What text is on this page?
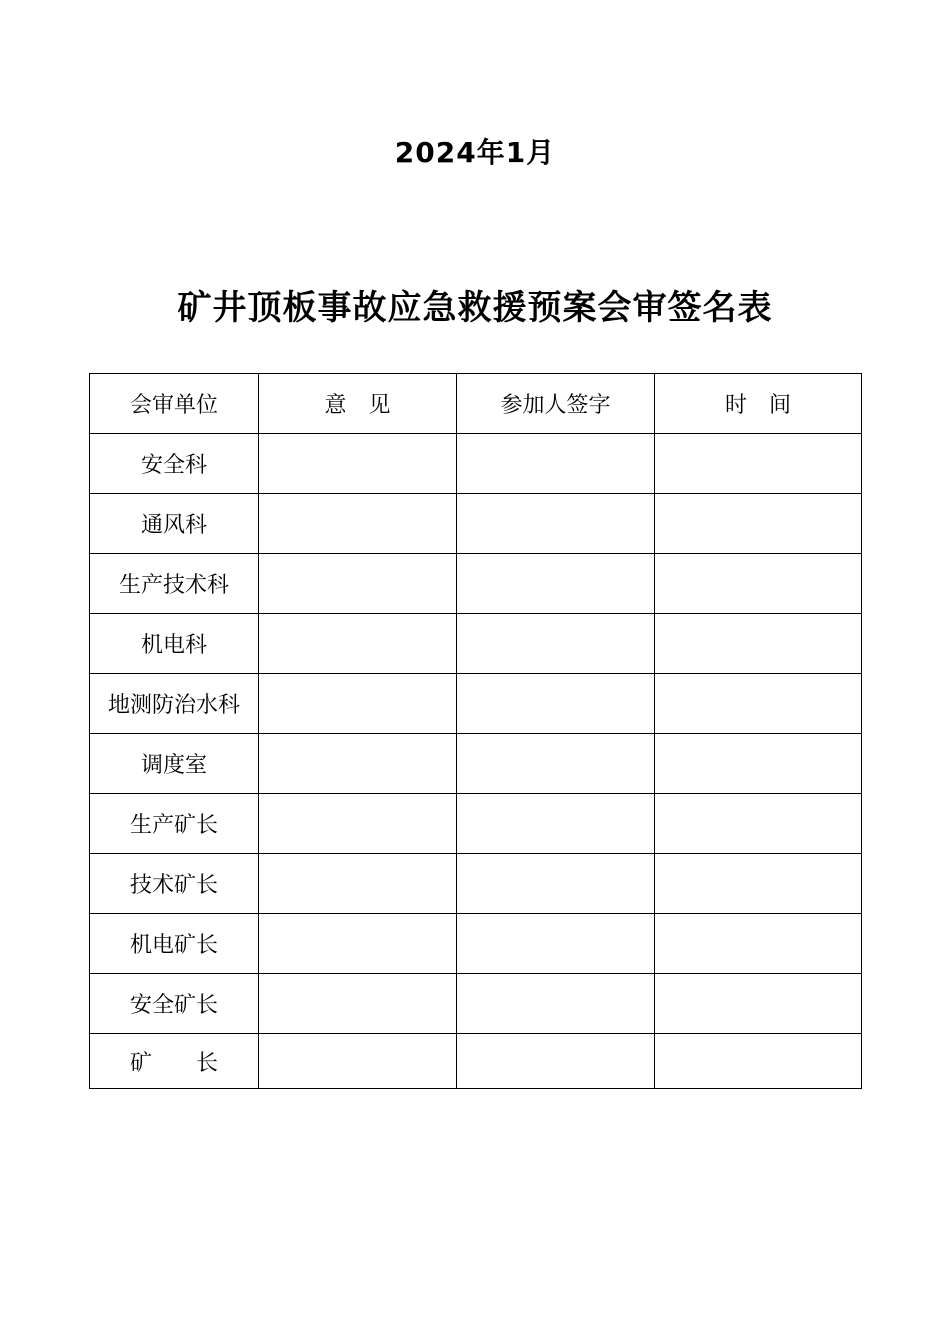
2024年1月
矿井顶板事故应急救援预案会审签名表
会审单位	意　见	参加人签字	时　间
安全科			
通风科			
生产技术科			
机电科			
地测防治水科			
调度室			
生产矿长			
技术矿长			
机电矿长			
安全矿长			
矿　　长			
